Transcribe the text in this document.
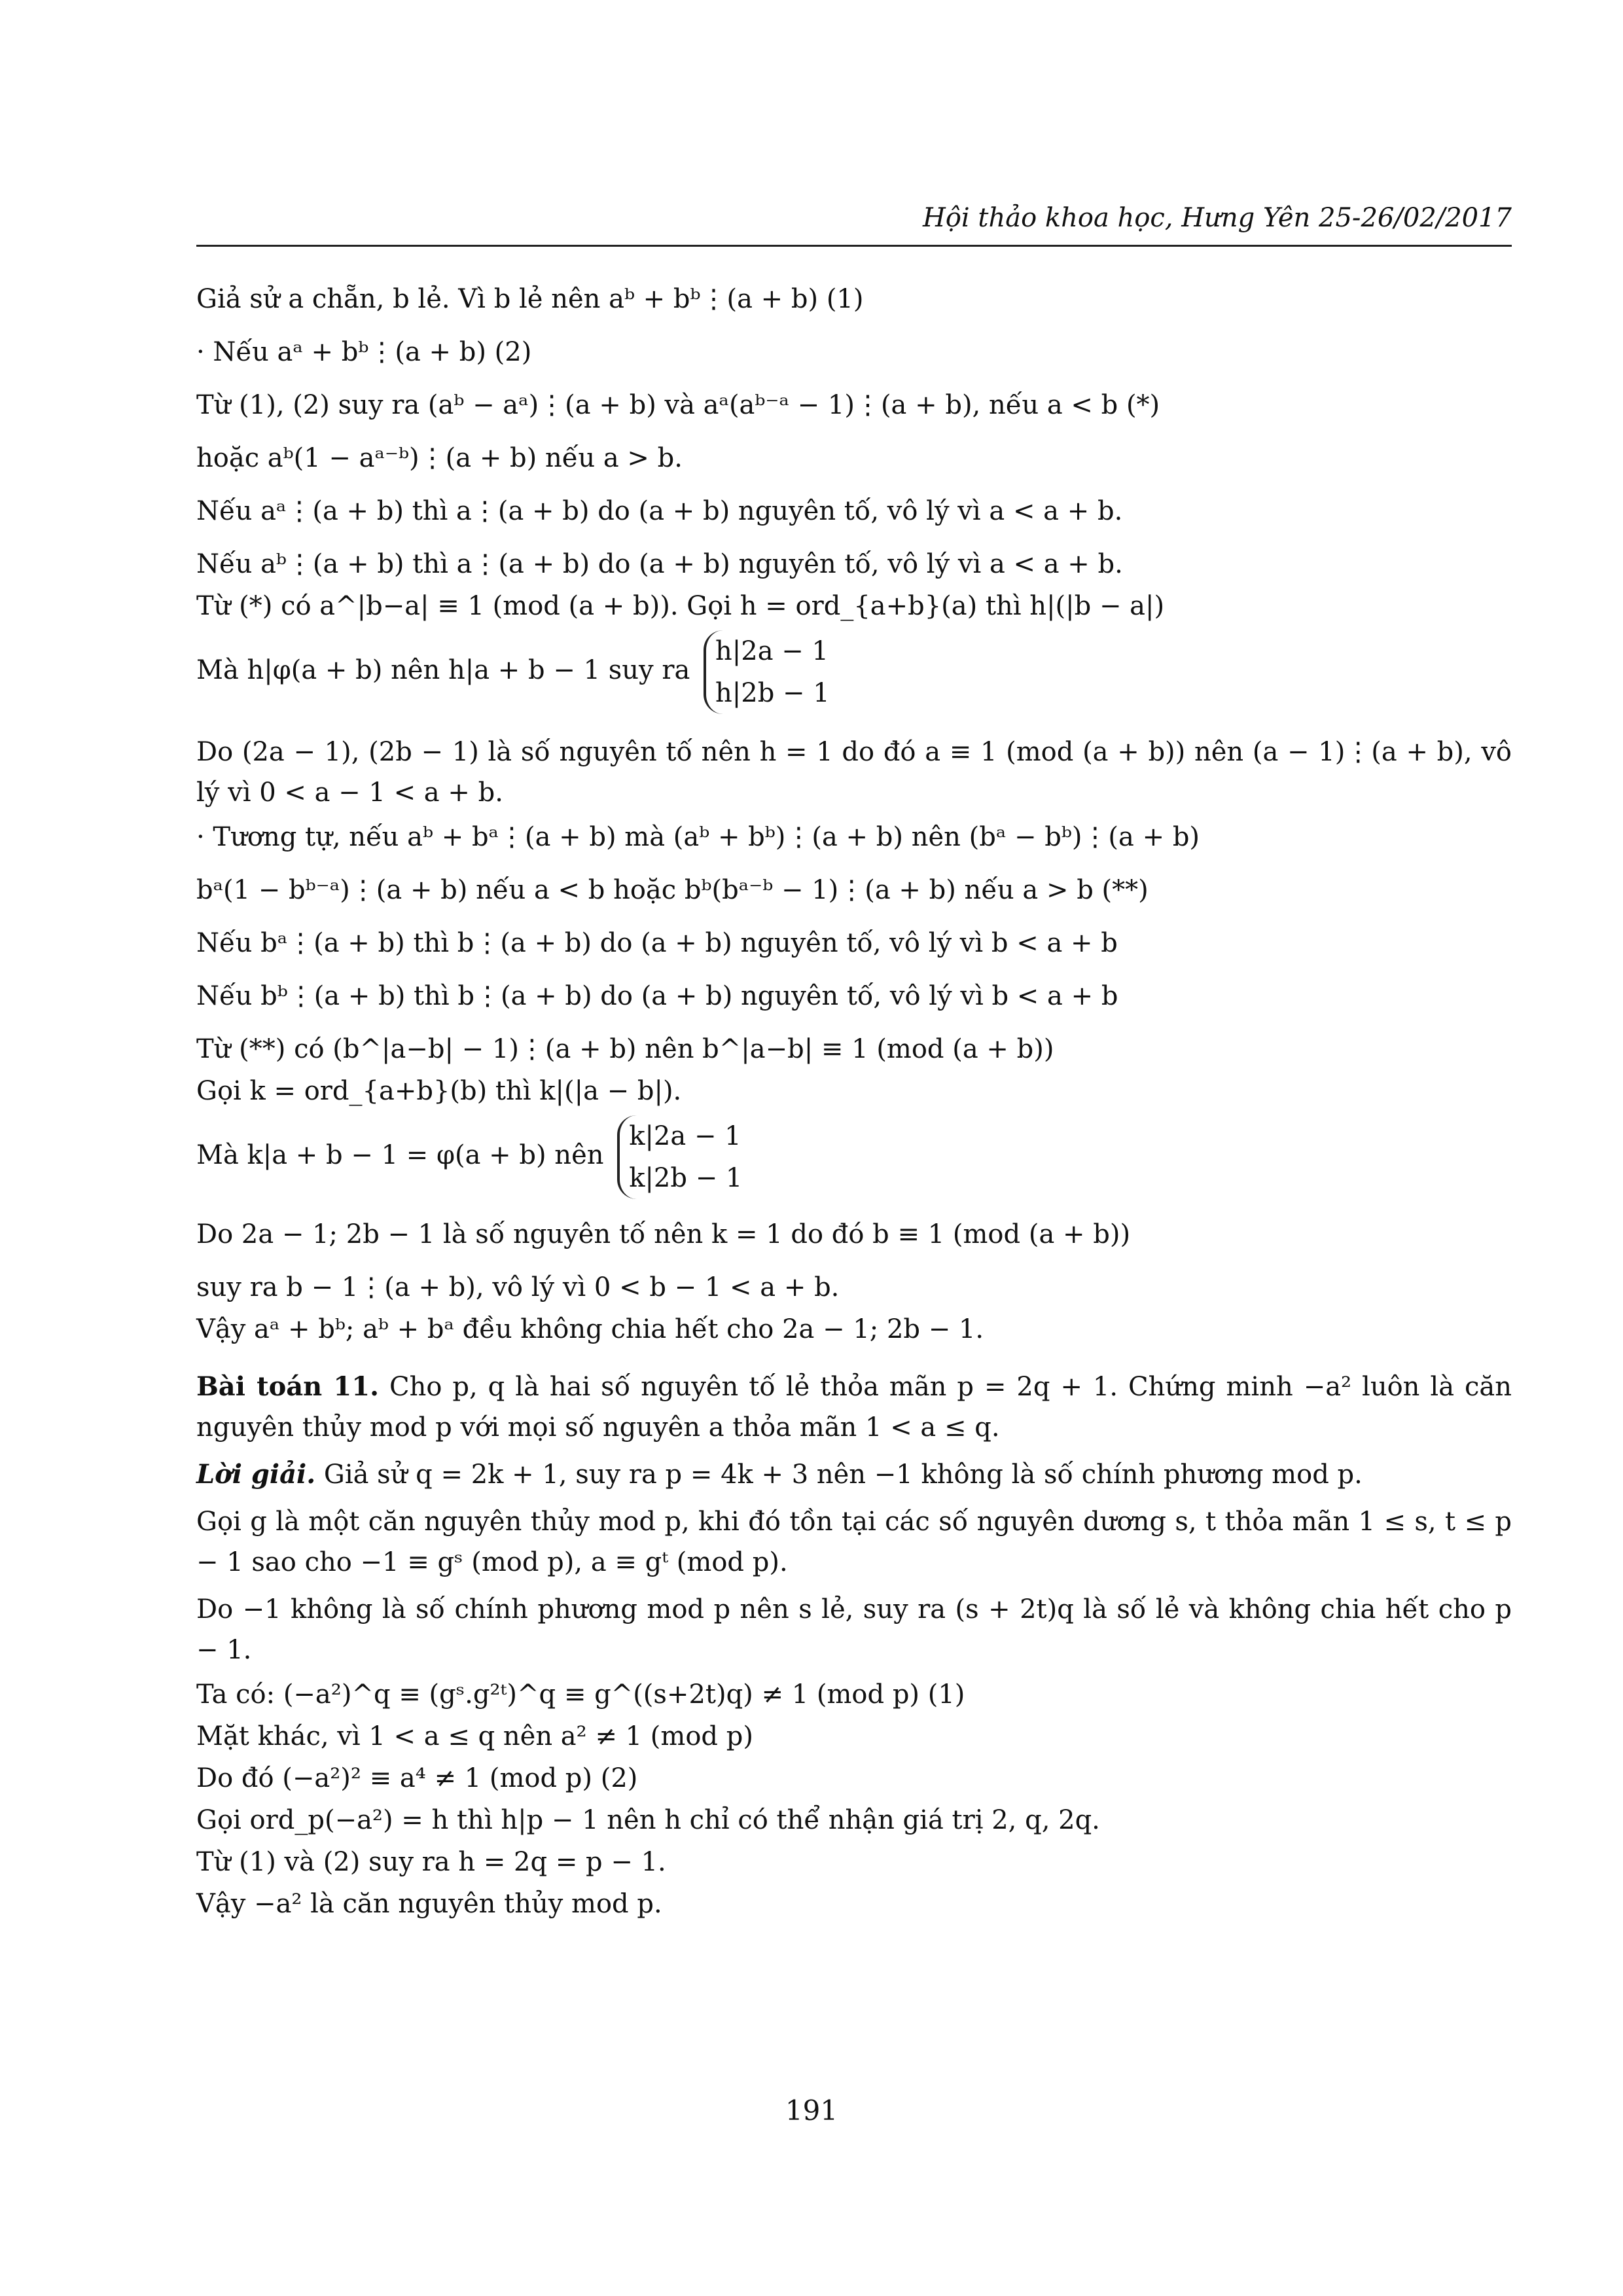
Hội thảo khoa học, Hưng Yên 25-26/02/2017
Giả sử a chẵn, b lẻ. Vì b lẻ nên aᵇ + bᵇ⋮(a + b) (1)
· Nếu aᵃ + bᵇ⋮(a + b) (2)
Từ (1), (2) suy ra (aᵇ − aᵃ)⋮(a + b) và aᵃ(aᵇ⁻ᵃ − 1)⋮(a + b), nếu a < b (*)
hoặc aᵇ(1 − aᵃ⁻ᵇ)⋮(a + b) nếu a > b.
Nếu aᵃ⋮(a + b) thì a⋮(a + b) do (a + b) nguyên tố, vô lý vì a < a + b.
Nếu aᵇ⋮(a + b) thì a⋮(a + b) do (a + b) nguyên tố, vô lý vì a < a + b.
Từ (*) có a^|b−a| ≡ 1 (mod (a + b)). Gọi h = ord_{a+b}(a) thì h|(|b − a|)
Mà h|φ(a + b) nên h|a + b − 1 suy ra
h|2a − 1
h|2b − 1
Do (2a − 1), (2b − 1) là số nguyên tố nên h = 1 do đó a ≡ 1 (mod (a + b)) nên (a − 1)⋮(a + b), vô lý vì 0 < a − 1 < a + b.
· Tương tự, nếu aᵇ + bᵃ⋮(a + b) mà (aᵇ + bᵇ)⋮(a + b) nên (bᵃ − bᵇ)⋮(a + b)
bᵃ(1 − bᵇ⁻ᵃ)⋮(a + b) nếu a < b hoặc bᵇ(bᵃ⁻ᵇ − 1)⋮(a + b) nếu a > b (**)
Nếu bᵃ⋮(a + b) thì b⋮(a + b) do (a + b) nguyên tố, vô lý vì b < a + b
Nếu bᵇ⋮(a + b) thì b⋮(a + b) do (a + b) nguyên tố, vô lý vì b < a + b
Từ (**) có (b^|a−b| − 1)⋮(a + b) nên b^|a−b| ≡ 1 (mod (a + b))
Gọi k = ord_{a+b}(b) thì k|(|a − b|).
Mà k|a + b − 1 = φ(a + b) nên
k|2a − 1
k|2b − 1
Do 2a − 1; 2b − 1 là số nguyên tố nên k = 1 do đó b ≡ 1 (mod (a + b))
suy ra b − 1⋮(a + b), vô lý vì 0 < b − 1 < a + b.
Vậy aᵃ + bᵇ; aᵇ + bᵃ đều không chia hết cho 2a − 1; 2b − 1.
Bài toán 11. Cho p, q là hai số nguyên tố lẻ thỏa mãn p = 2q + 1. Chứng minh −a² luôn là căn nguyên thủy mod p với mọi số nguyên a thỏa mãn 1 < a ≤ q.
Lời giải. Giả sử q = 2k + 1, suy ra p = 4k + 3 nên −1 không là số chính phương mod p.
Gọi g là một căn nguyên thủy mod p, khi đó tồn tại các số nguyên dương s, t thỏa mãn 1 ≤ s, t ≤ p − 1 sao cho −1 ≡ gˢ (mod p), a ≡ gᵗ (mod p).
Do −1 không là số chính phương mod p nên s lẻ, suy ra (s + 2t)q là số lẻ và không chia hết cho p − 1.
Ta có: (−a²)^q ≡ (gˢ.g²ᵗ)^q ≡ g^((s+2t)q) ≠ 1 (mod p) (1)
Mặt khác, vì 1 < a ≤ q nên a² ≠ 1 (mod p)
Do đó (−a²)² ≡ a⁴ ≠ 1 (mod p) (2)
Gọi ord_p(−a²) = h thì h|p − 1 nên h chỉ có thể nhận giá trị 2, q, 2q.
Từ (1) và (2) suy ra h = 2q = p − 1.
Vậy −a² là căn nguyên thủy mod p.
191
